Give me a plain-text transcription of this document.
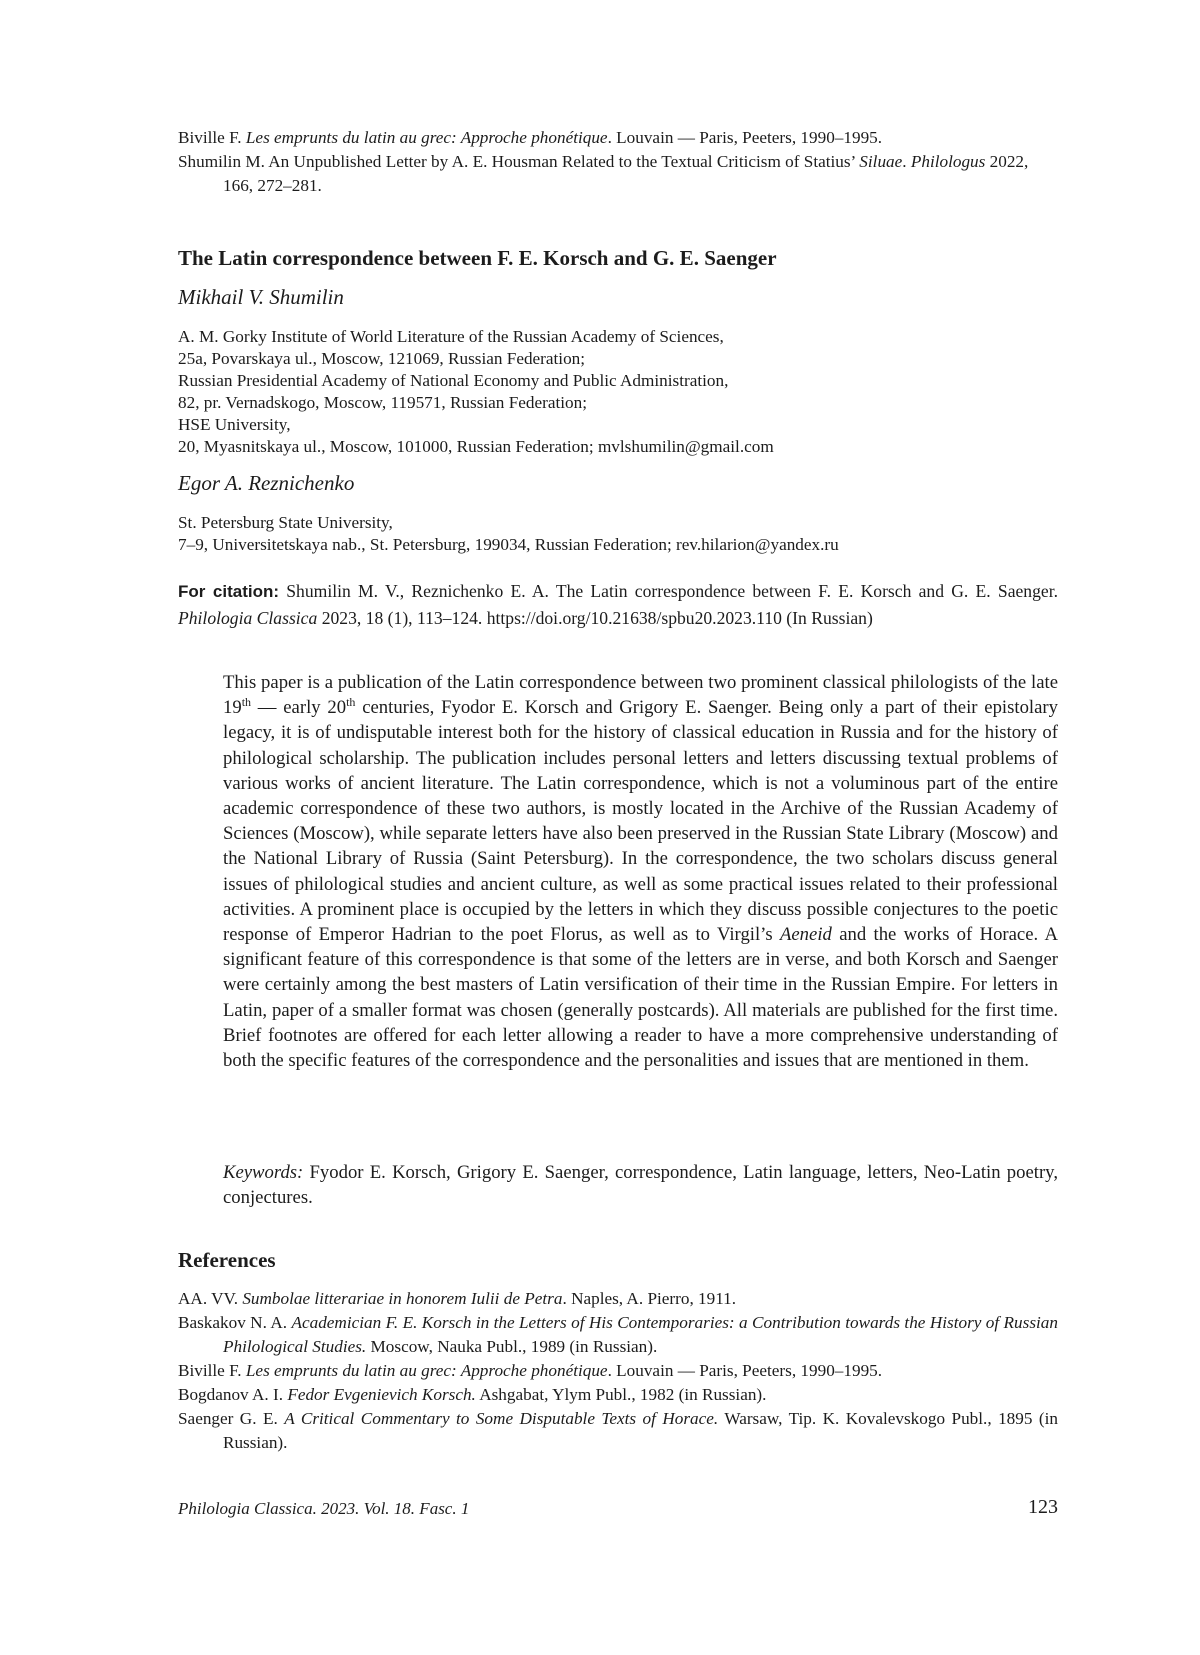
Biville F. Les emprunts du latin au grec: Approche phonétique. Louvain — Paris, Peeters, 1990–1995.

Shumilin M. An Unpublished Letter by A. E. Housman Related to the Textual Criticism of Statius’ Siluae. Philologus 2022, 166, 272–281.

The Latin correspondence between F. E. Korsch and G. E. Saenger

Mikhail V. Shumilin

A. M. Gorky Institute of World Literature of the Russian Academy of Sciences,
25a, Povarskaya ul., Moscow, 121069, Russian Federation;
Russian Presidential Academy of National Economy and Public Administration,
82, pr. Vernadskogo, Moscow, 119571, Russian Federation;
HSE University,
20, Myasnitskaya ul., Moscow, 101000, Russian Federation; mvlshumilin@gmail.com

Egor A. Reznichenko

St. Petersburg State University,
7–9, Universitetskaya nab., St. Petersburg, 199034, Russian Federation; rev.hilarion@yandex.ru

For citation: Shumilin M. V., Reznichenko E. A. The Latin correspondence between F. E. Korsch and G. E. Saenger. Philologia Classica 2023, 18 (1), 113–124. https://doi.org/10.21638/spbu20.2023.110 (In Russian)

This paper is a publication of the Latin correspondence between two prominent classical philologists of the late 19th — early 20th centuries, Fyodor E. Korsch and Grigory E. Saenger. Being only a part of their epistolary legacy, it is of undisputable interest both for the history of classical education in Russia and for the history of philological scholarship. The publication includes personal letters and letters discussing textual problems of various works of ancient literature. The Latin correspondence, which is not a voluminous part of the entire academic correspondence of these two authors, is mostly located in the Archive of the Russian Academy of Sciences (Moscow), while separate letters have also been preserved in the Russian State Library (Moscow) and the National Library of Russia (Saint Petersburg). In the correspondence, the two scholars discuss general issues of philological studies and ancient culture, as well as some practical issues related to their professional activities. A prominent place is occupied by the letters in which they discuss possible conjectures to the poetic response of Emperor Hadrian to the poet Florus, as well as to Virgil’s Aeneid and the works of Horace. A significant feature of this correspondence is that some of the letters are in verse, and both Korsch and Saenger were certainly among the best masters of Latin versification of their time in the Russian Empire. For letters in Latin, paper of a smaller format was chosen (generally postcards). All materials are published for the first time. Brief footnotes are offered for each letter allowing a reader to have a more comprehensive understanding of both the specific features of the correspondence and the personalities and issues that are mentioned in them.

Keywords: Fyodor E. Korsch, Grigory E. Saenger, correspondence, Latin language, letters, Neo-Latin poetry, conjectures.

References

AA. VV. Sumbolae litterariae in honorem Iulii de Petra. Naples, A. Pierro, 1911.

Baskakov N. A. Academician F. E. Korsch in the Letters of His Contemporaries: a Contribution towards the History of Russian Philological Studies. Moscow, Nauka Publ., 1989 (in Russian).

Biville F. Les emprunts du latin au grec: Approche phonétique. Louvain — Paris, Peeters, 1990–1995.

Bogdanov A. I. Fedor Evgenievich Korsch. Ashgabat, Ylym Publ., 1982 (in Russian).

Saenger G. E. A Critical Commentary to Some Disputable Texts of Horace. Warsaw, Tip. K. Kovalevskogo Publ., 1895 (in Russian).

Philologia Classica. 2023. Vol. 18. Fasc. 1	123
